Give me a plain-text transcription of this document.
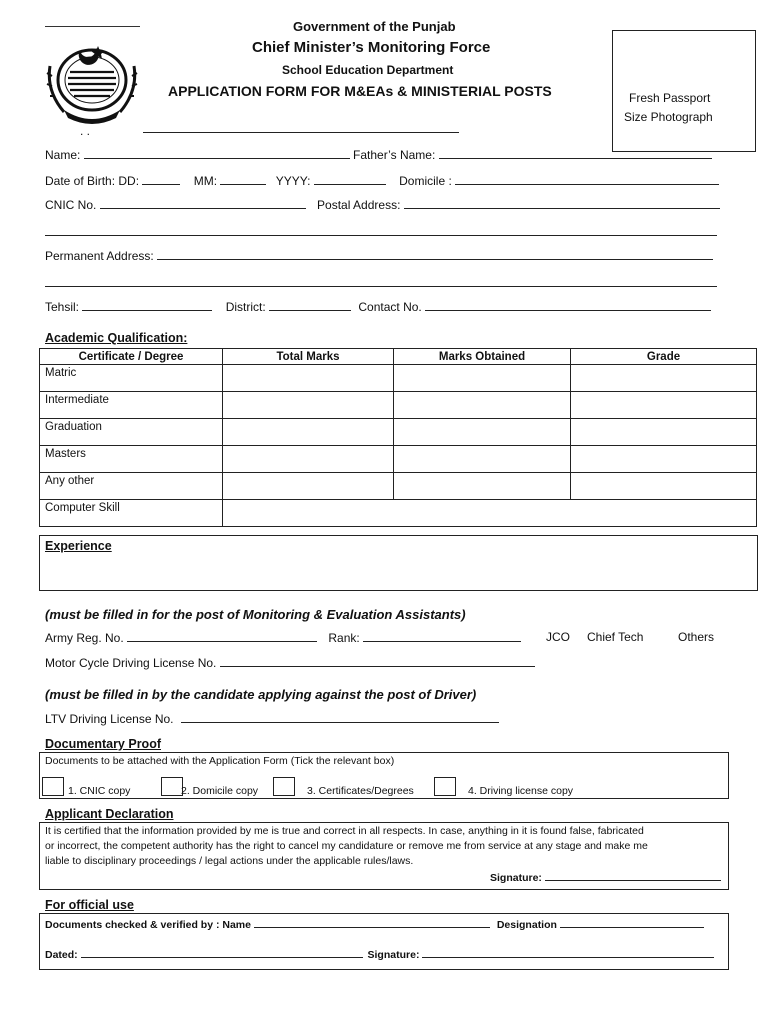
Government of the Punjab
Chief Minister’s Monitoring Force
School Education Department
APPLICATION FORM FOR M&EAs & MINISTERIAL POSTS	Fresh Passport
Size Photograph
. .
Name:	Father’s Name:
Date of Birth: DD:	MM:	YYYY:	Domicile :
CNIC No.	Postal Address:
Permanent Address:
Tehsil:	District:	Contact No.
Academic Qualification:
Certificate / Degree	Total Marks	Marks Obtained	Grade
Matric			
Intermediate			
Graduation			
Masters			
Any other			
Computer Skill			
Experience
(must be filled in for the post of Monitoring & Evaluation Assistants)
Army Reg. No.	Rank:	JCO Chief Tech	Others
Motor Cycle Driving License No.
(must be filled in by the candidate applying against the post of Driver)
LTV Driving License No.
Documentary Proof
Documents to be attached with the Application Form (Tick the relevant box)
1. CNIC copy	2. Domicile copy	3. Certificates/Degrees	4. Driving license copy
Applicant Declaration
It is certified that the information provided by me is true and correct in all respects. In case, anything in it is found false, fabricated
or incorrect, the competent authority has the right to cancel my candidature or remove me from service at any stage and make me
liable to disciplinary proceedings / legal actions under the applicable rules/laws.
Signature:
For official use
Documents checked & verified by : Name	Designation
Dated:	Signature:
